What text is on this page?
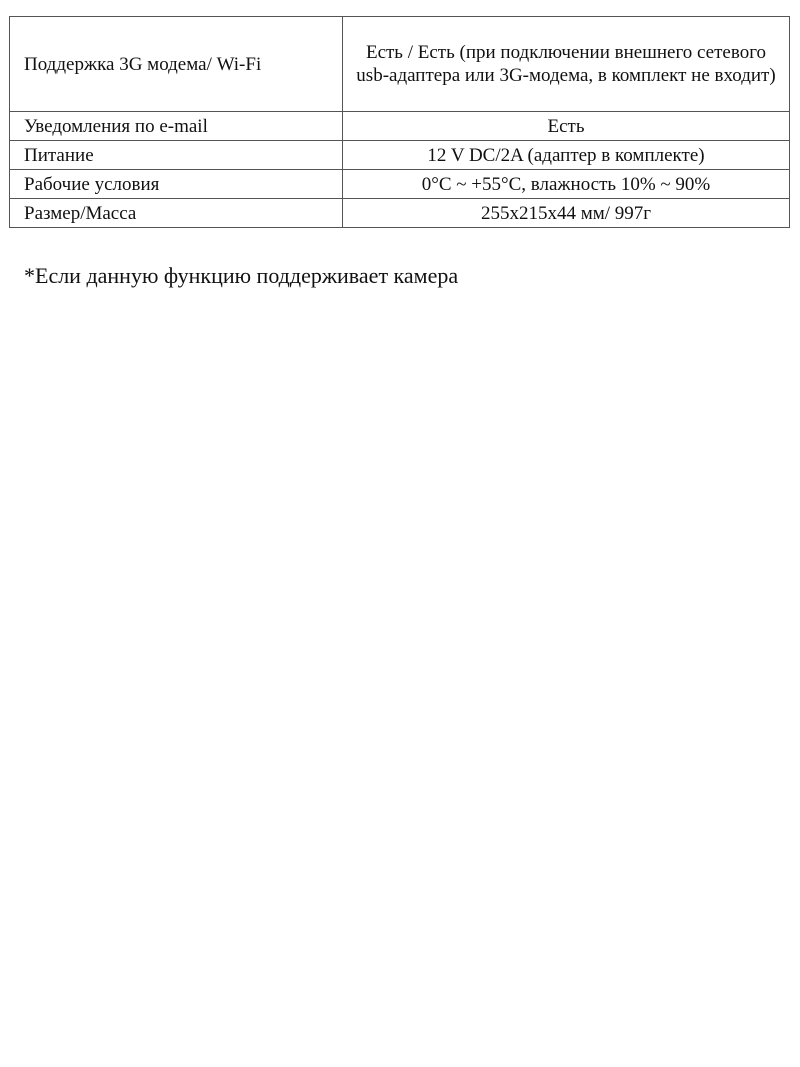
Поддержка 3G модема/ Wi-Fi	Есть / Есть (при подключении внешнего сетевого usb-адаптера или 3G-модема, в комплект не входит)
Уведомления по e-mail	Есть
Питание	12 V DC/2A (адаптер в комплекте)
Рабочие условия	0°C ~ +55°C, влажность 10% ~ 90%
Размер/Масса	255x215x44 мм/ 997г

*Если данную функцию поддерживает камера
